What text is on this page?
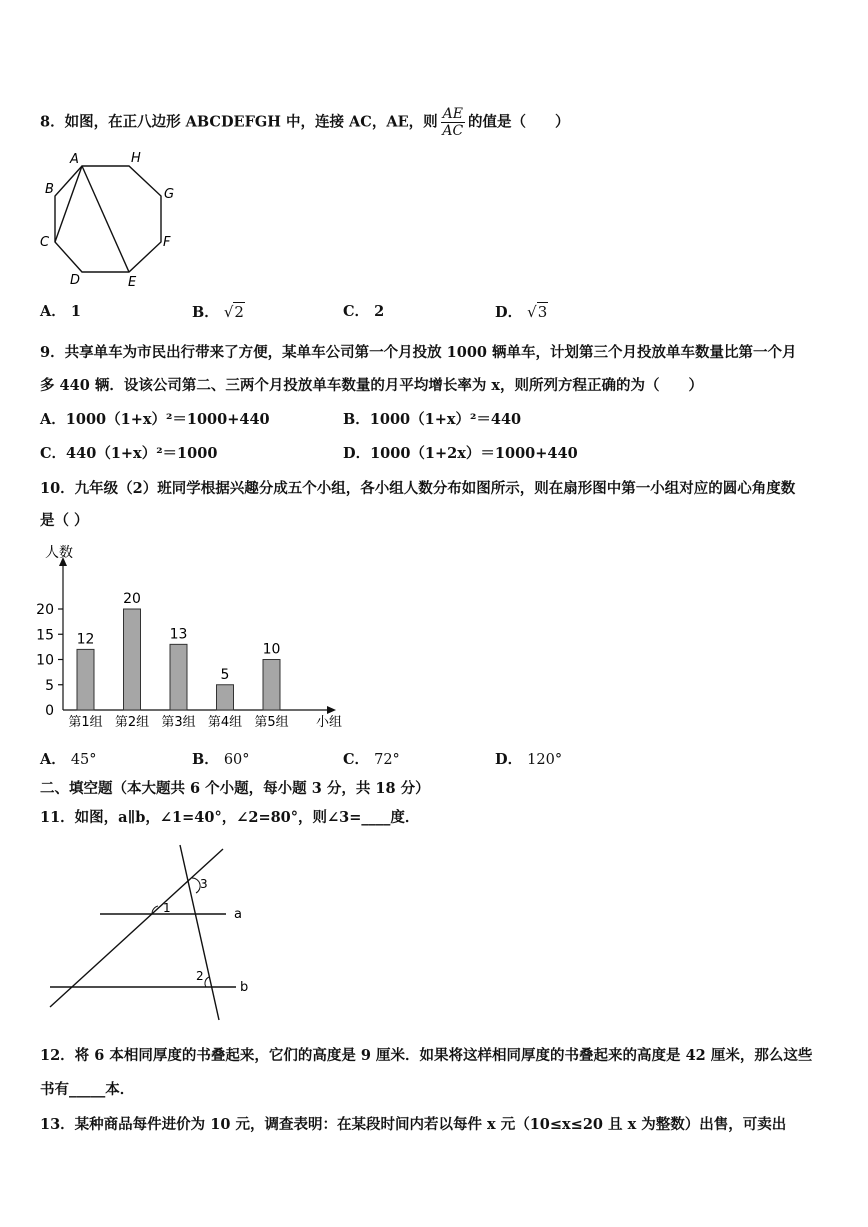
8．如图，在正八边形 ABCDEFGH 中，连接 AC，AE，则 $\frac{AE}{AC}$ 的值是（　　）
A	H
B	G
C	F
D	E
A． 1	B． √2	C． 2	D． √3
9．共享单车为市民出行带来了方便，某单车公司第一个月投放 1000 辆单车，计划第三个月投放单车数量比第一个月
多 440 辆．设该公司第二、三两个月投放单车数量的月平均增长率为 x，则所列方程正确的为（　　）
A．1000（1+x）²＝1000+440	B．1000（1+x）²＝440
C．440（1+x）²＝1000	D．1000（1+2x）＝1000+440
10．九年级（2）班同学根据兴趣分成五个小组，各小组人数分布如图所示，则在扇形图中第一小组对应的圆心角度数
是（ ）
人数
小组
0
5
10
15
20
12
第1组
20
第2组
13
第3组
5
第4组
10
第5组
A． 45°	B． 60°	C． 72°	D． 120°
二、填空题（本大题共 6 个小题，每小题 3 分，共 18 分）
11．如图，a∥b，∠1=40°，∠2=80°，则∠3=____度．
3
1
2
a
b
12．将 6 本相同厚度的书叠起来，它们的高度是 9 厘米．如果将这样相同厚度的书叠起来的高度是 42 厘米，那么这些
书有_____本．
13．某种商品每件进价为 10 元，调查表明：在某段时间内若以每件 x 元（10≤x≤20 且 x 为整数）出售，可卖出
